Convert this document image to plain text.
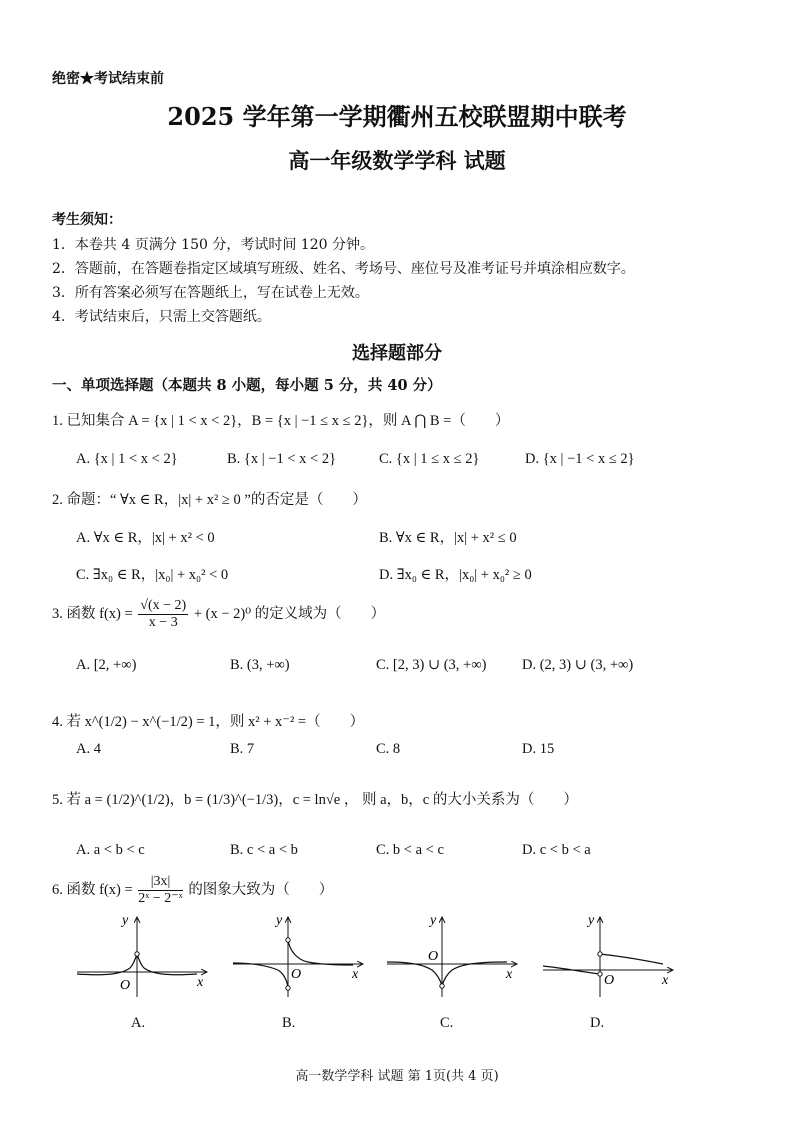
绝密★考试结束前
2025 学年第一学期衢州五校联盟期中联考
高一年级数学学科 试题
考生须知：
1．本卷共 4 页满分 150 分，考试时间 120 分钟。
2．答题前，在答题卷指定区域填写班级、姓名、考场号、座位号及准考证号并填涂相应数字。
3．所有答案必须写在答题纸上，写在试卷上无效。
4．考试结束后，只需上交答题纸。
选择题部分
一、单项选择题（本题共 8 小题，每小题 5 分，共 40 分）
1. 已知集合 A = {x | 1 < x < 2}，B = {x | −1 ≤ x ≤ 2}，则 A ⋂ B =（　　）
A. {x | 1 < x < 2}	B. {x | −1 < x < 2}	C. {x | 1 ≤ x ≤ 2}	D. {x | −1 < x ≤ 2}
2. 命题：“ ∀x ∈ R，|x| + x² ≥ 0 ”的否定是（　　）
A. ∀x ∈ R，|x| + x² < 0	B. ∀x ∈ R，|x| + x² ≤ 0
C. ∃x₀ ∈ R，|x₀| + x₀² < 0	D. ∃x₀ ∈ R，|x₀| + x₀² ≥ 0
3. 函数 $f(x) = \frac{√(x - 2)}{x - 3} + (x - 2)^0$ 的定义域为（　　）
A. [2, +∞)	B. (3, +∞)	C. [2, 3) ∪ (3, +∞) D. (2, 3) ∪ (3, +∞)
4. 若 x^(1/2) − x^(−1/2) = 1，则 x² + x⁻² =（　　）
A. 4	B. 7	C. 8	D. 15
5. 若 a = (1/2)^(1/2)，b = (1/3)^(−1/3)，c = ln√e ， 则 a，b，c 的大小关系为（　　）
A. a < b < c	B. c < a < b	C. b < a < c	D. c < b < a
6. 函数 $f(x) = \frac{|3x|}{\text{2ˣ − 2⁻ˣ}}$ 的图象大致为（　　）
y
x
O
A.
y
x
O
B.
y
x
O
C.
y
x
O
D.
高一数学学科 试题 第 1页(共 4 页)
